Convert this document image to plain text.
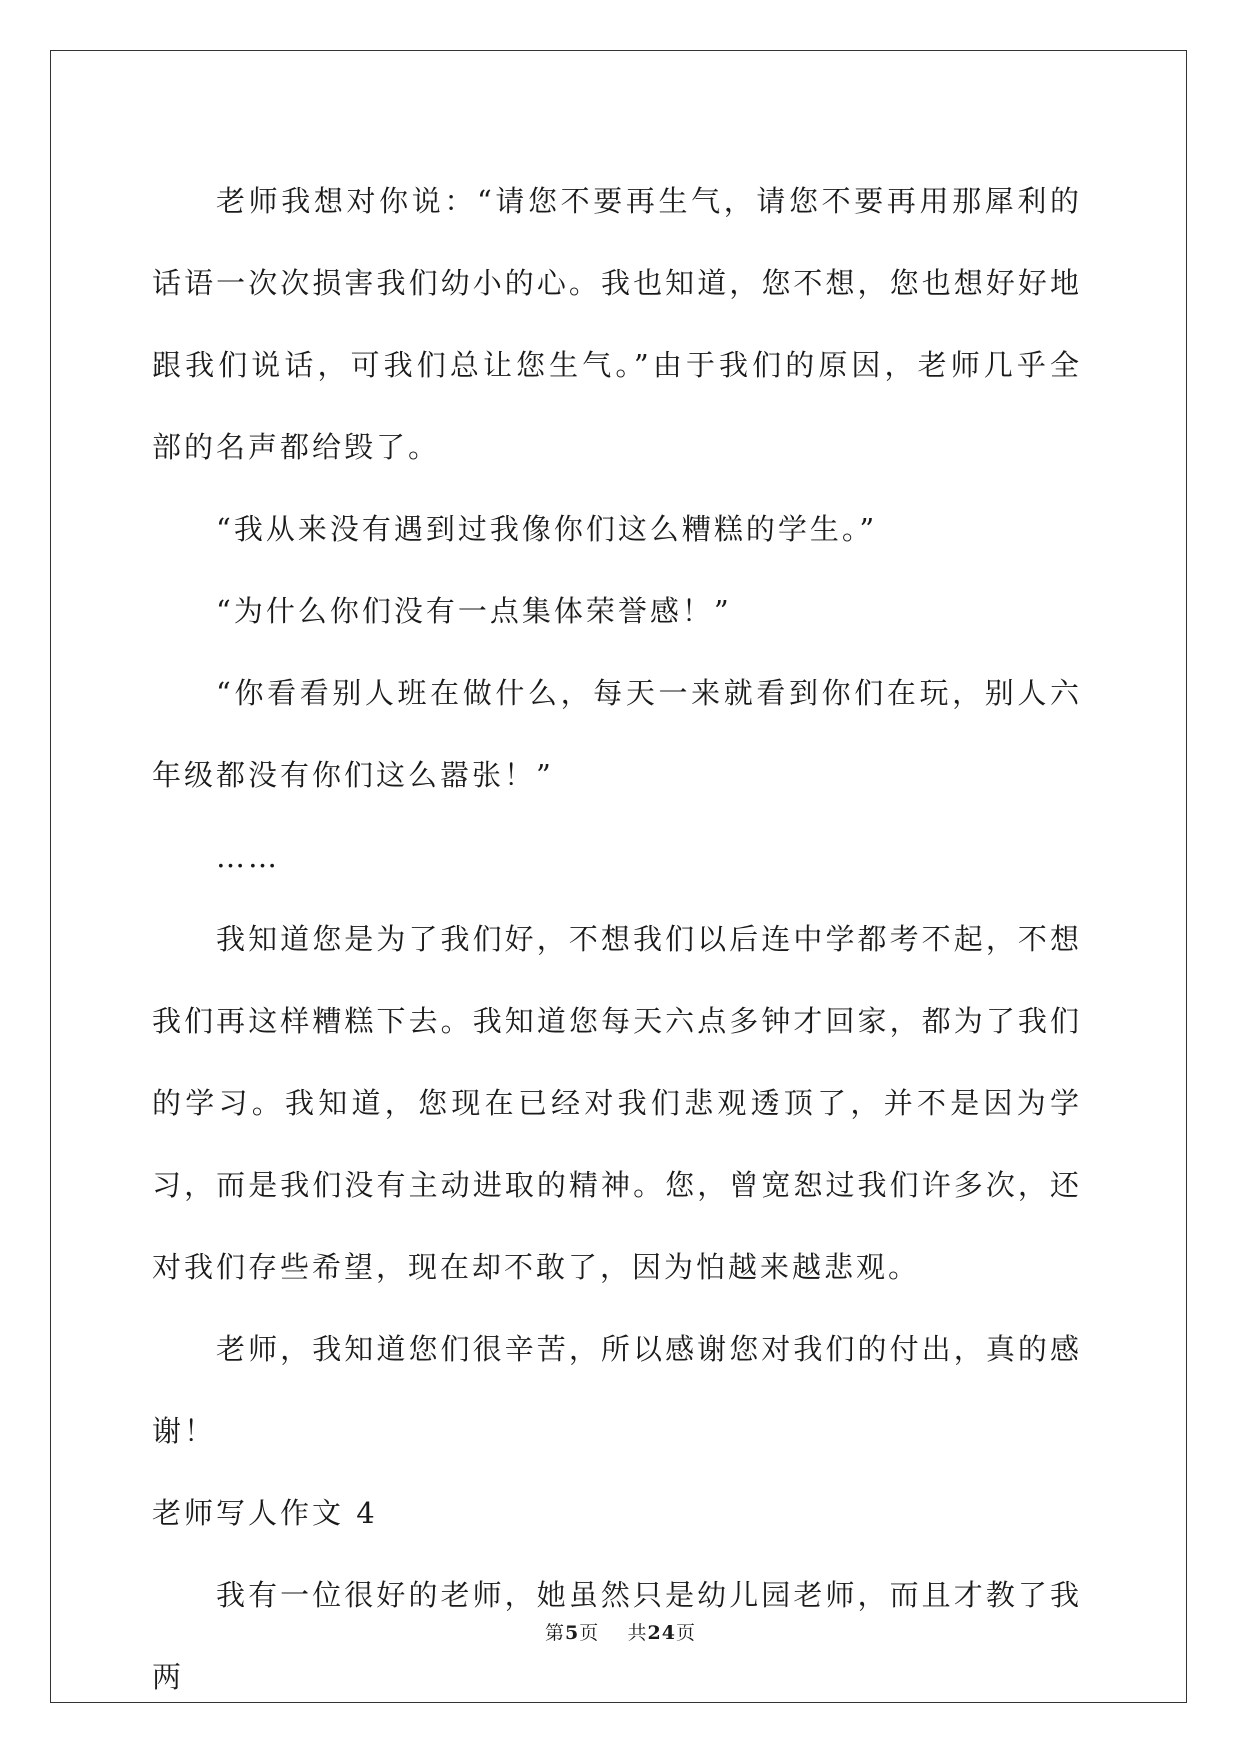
老师我想对你说：“请您不要再生气，请您不要再用那犀利的话语一次次损害我们幼小的心。我也知道，您不想，您也想好好地跟我们说话，可我们总让您生气。”由于我们的原因，老师几乎全部的名声都给毁了。

“我从来没有遇到过我像你们这么糟糕的学生。”

“为什么你们没有一点集体荣誉感！”

“你看看别人班在做什么，每天一来就看到你们在玩，别人六年级都没有你们这么嚣张！”

……

我知道您是为了我们好，不想我们以后连中学都考不起，不想我们再这样糟糕下去。我知道您每天六点多钟才回家，都为了我们的学习。我知道，您现在已经对我们悲观透顶了，并不是因为学习，而是我们没有主动进取的精神。您，曾宽恕过我们许多次，还对我们存些希望，现在却不敢了，因为怕越来越悲观。

老师，我知道您们很辛苦，所以感谢您对我们的付出，真的感谢！

老师写人作文 4

我有一位很好的老师，她虽然只是幼儿园老师，而且才教了我两

第5页 共24页
